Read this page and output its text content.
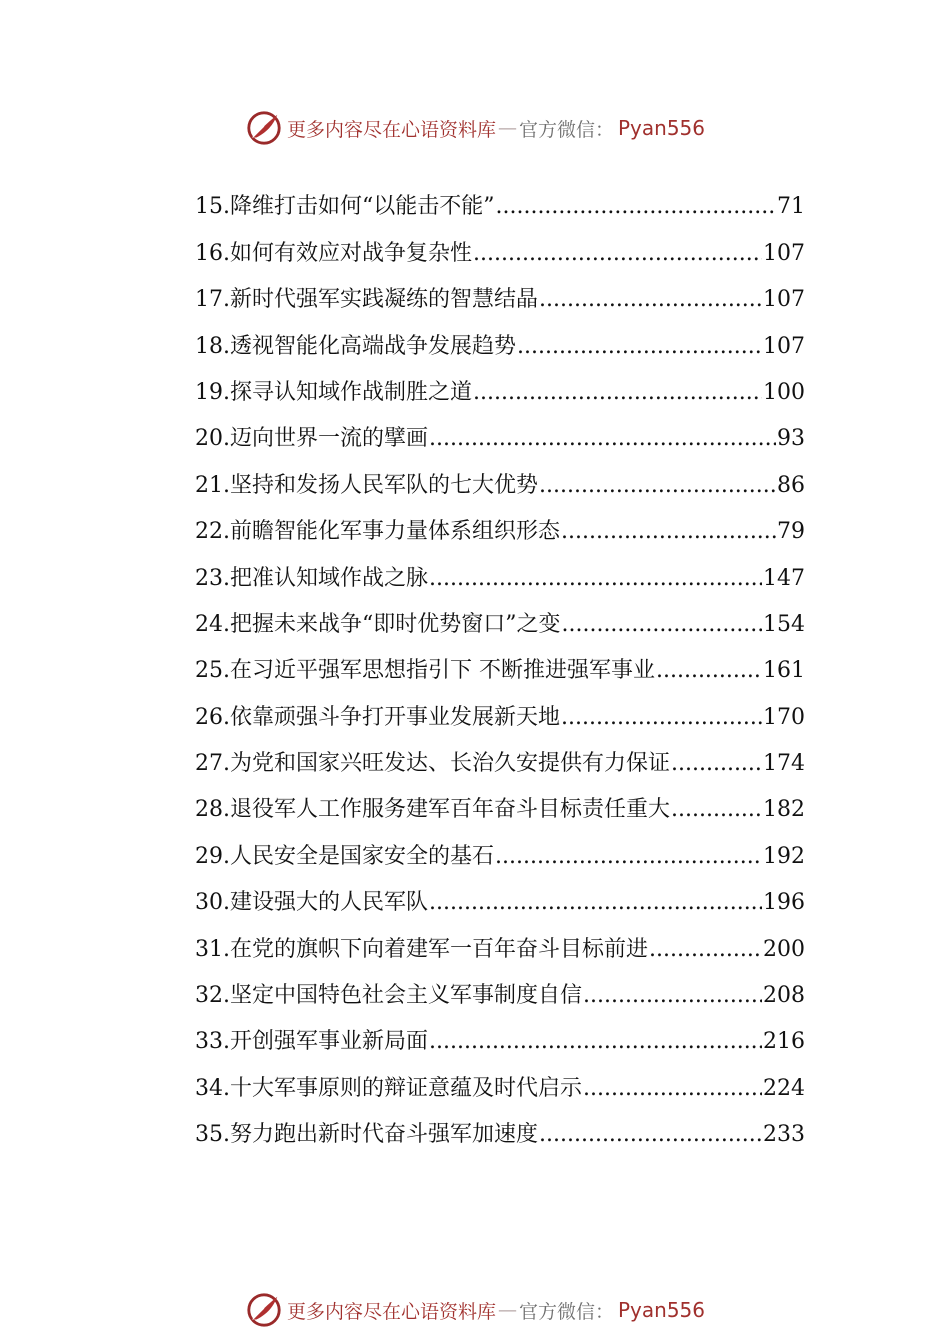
更多内容尽在心语资料库 — 官方微信： Pyan556
15.降维打击如何“以能击不能” .....	71
16.如何有效应对战争复杂性 .....	107
17.新时代强军实践凝练的智慧结晶 .....	107
18.透视智能化高端战争发展趋势 .....	107
19.探寻认知域作战制胜之道 .....	100
20.迈向世界一流的擘画 .....	93
21.坚持和发扬人民军队的七大优势 .....	86
22.前瞻智能化军事力量体系组织形态 .....	79
23.把准认知域作战之脉 .....	147
24.把握未来战争“即时优势窗口”之变 .....	154
25.在习近平强军思想指引下 不断推进强军事业 .....	161
26.依靠顽强斗争打开事业发展新天地 .....	170
27.为党和国家兴旺发达、长治久安提供有力保证 .....	174
28.退役军人工作服务建军百年奋斗目标责任重大 .....	182
29.人民安全是国家安全的基石 .....	192
30.建设强大的人民军队 .....	196
31.在党的旗帜下向着建军一百年奋斗目标前进 .....	200
32.坚定中国特色社会主义军事制度自信 .....	208
33.开创强军事业新局面 .....	216
34.十大军事原则的辩证意蕴及时代启示 .....	224
35.努力跑出新时代奋斗强军加速度 .....	233
更多内容尽在心语资料库 — 官方微信： Pyan556
